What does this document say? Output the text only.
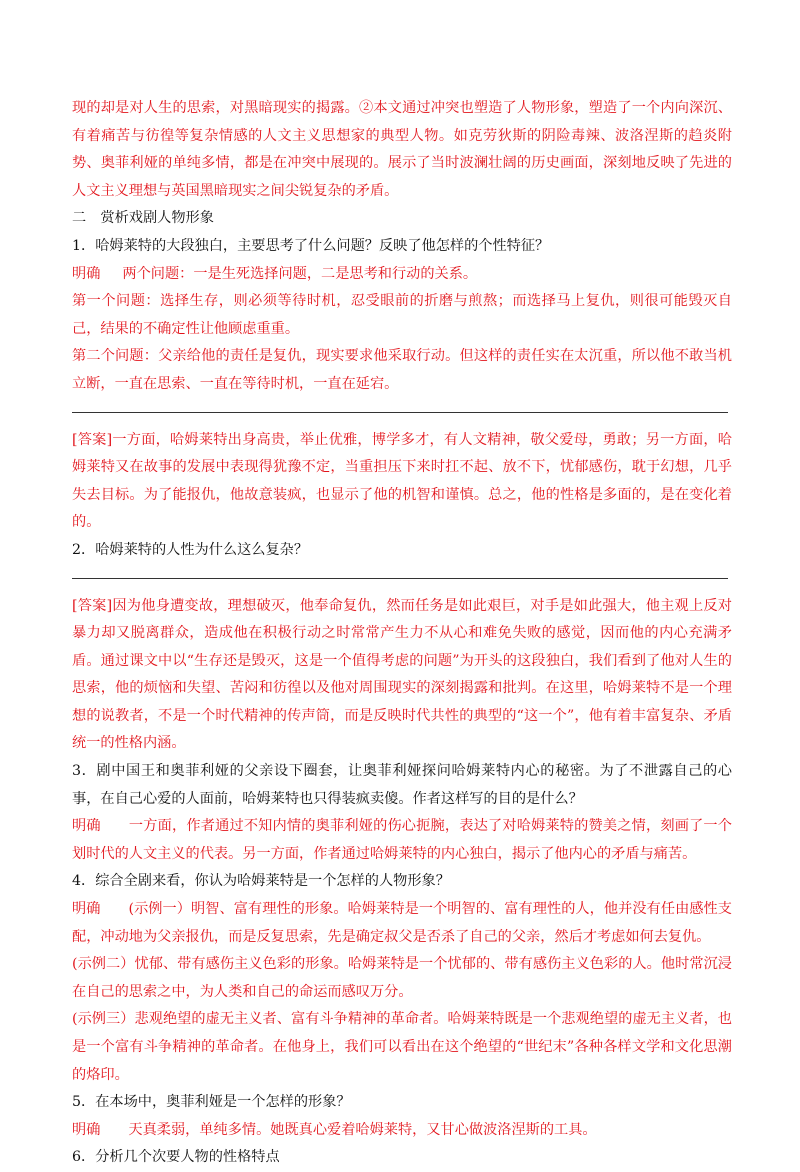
现的却是对人生的思索，对黑暗现实的揭露。②本文通过冲突也塑造了人物形象，塑造了一个内向深沉、有着痛苦与彷徨等复杂情感的人文主义思想家的典型人物。如克劳狄斯的阴险毒辣、波洛涅斯的趋炎附势、奥菲利娅的单纯多情，都是在冲突中展现的。展示了当时波澜壮阔的历史画面，深刻地反映了先进的人文主义理想与英国黑暗现实之间尖锐复杂的矛盾。

二　赏析戏剧人物形象

1．哈姆莱特的大段独白，主要思考了什么问题？反映了他怎样的个性特征？

明确 两个问题：一是生死选择问题，二是思考和行动的关系。

第一个问题：选择生存，则必须等待时机，忍受眼前的折磨与煎熬；而选择马上复仇，则很可能毁灭自己，结果的不确定性让他顾虑重重。

第二个问题：父亲给他的责任是复仇，现实要求他采取行动。但这样的责任实在太沉重，所以他不敢当机立断，一直在思索、一直在等待时机，一直在延宕。

[答案]一方面，哈姆莱特出身高贵，举止优雅，博学多才，有人文精神，敬父爱母，勇敢；另一方面，哈姆莱特又在故事的发展中表现得犹豫不定，当重担压下来时扛不起、放不下，忧郁感伤，耽于幻想，几乎失去目标。为了能报仇，他故意装疯，也显示了他的机智和谨慎。总之，他的性格是多面的，是在变化着的。

2．哈姆莱特的人性为什么这么复杂？

[答案]因为他身遭变故，理想破灭，他奉命复仇，然而任务是如此艰巨，对手是如此强大，他主观上反对暴力却又脱离群众，造成他在积极行动之时常常产生力不从心和难免失败的感觉，因而他的内心充满矛盾。通过课文中以“生存还是毁灭，这是一个值得考虑的问题”为开头的这段独白，我们看到了他对人生的思索，他的烦恼和失望、苦闷和彷徨以及他对周围现实的深刻揭露和批判。在这里，哈姆莱特不是一个理想的说教者，不是一个时代精神的传声筒，而是反映时代共性的典型的“这一个”，他有着丰富复杂、矛盾统一的性格内涵。

3．剧中国王和奥菲利娅的父亲设下圈套，让奥菲利娅探问哈姆莱特内心的秘密。为了不泄露自己的心事，在自己心爱的人面前，哈姆莱特也只得装疯卖傻。作者这样写的目的是什么？

明确 一方面，作者通过不知内情的奥菲利娅的伤心扼腕，表达了对哈姆莱特的赞美之情，刻画了一个划时代的人文主义的代表。另一方面，作者通过哈姆莱特的内心独白，揭示了他内心的矛盾与痛苦。

4．综合全剧来看，你认为哈姆莱特是一个怎样的人物形象？

明确 (示例一）明智、富有理性的形象。哈姆莱特是一个明智的、富有理性的人，他并没有任由感性支配，冲动地为父亲报仇，而是反复思索，先是确定叔父是否杀了自己的父亲，然后才考虑如何去复仇。

(示例二）忧郁、带有感伤主义色彩的形象。哈姆莱特是一个忧郁的、带有感伤主义色彩的人。他时常沉浸在自己的思索之中，为人类和自己的命运而感叹万分。

(示例三）悲观绝望的虚无主义者、富有斗争精神的革命者。哈姆莱特既是一个悲观绝望的虚无主义者，也是一个富有斗争精神的革命者。在他身上，我们可以看出在这个绝望的“世纪末”各种各样文学和文化思潮的烙印。

5．在本场中，奥菲利娅是一个怎样的形象？

明确 天真柔弱，单纯多情。她既真心爱着哈姆莱特，又甘心做波洛涅斯的工具。

6．分析几个次要人物的性格特点
